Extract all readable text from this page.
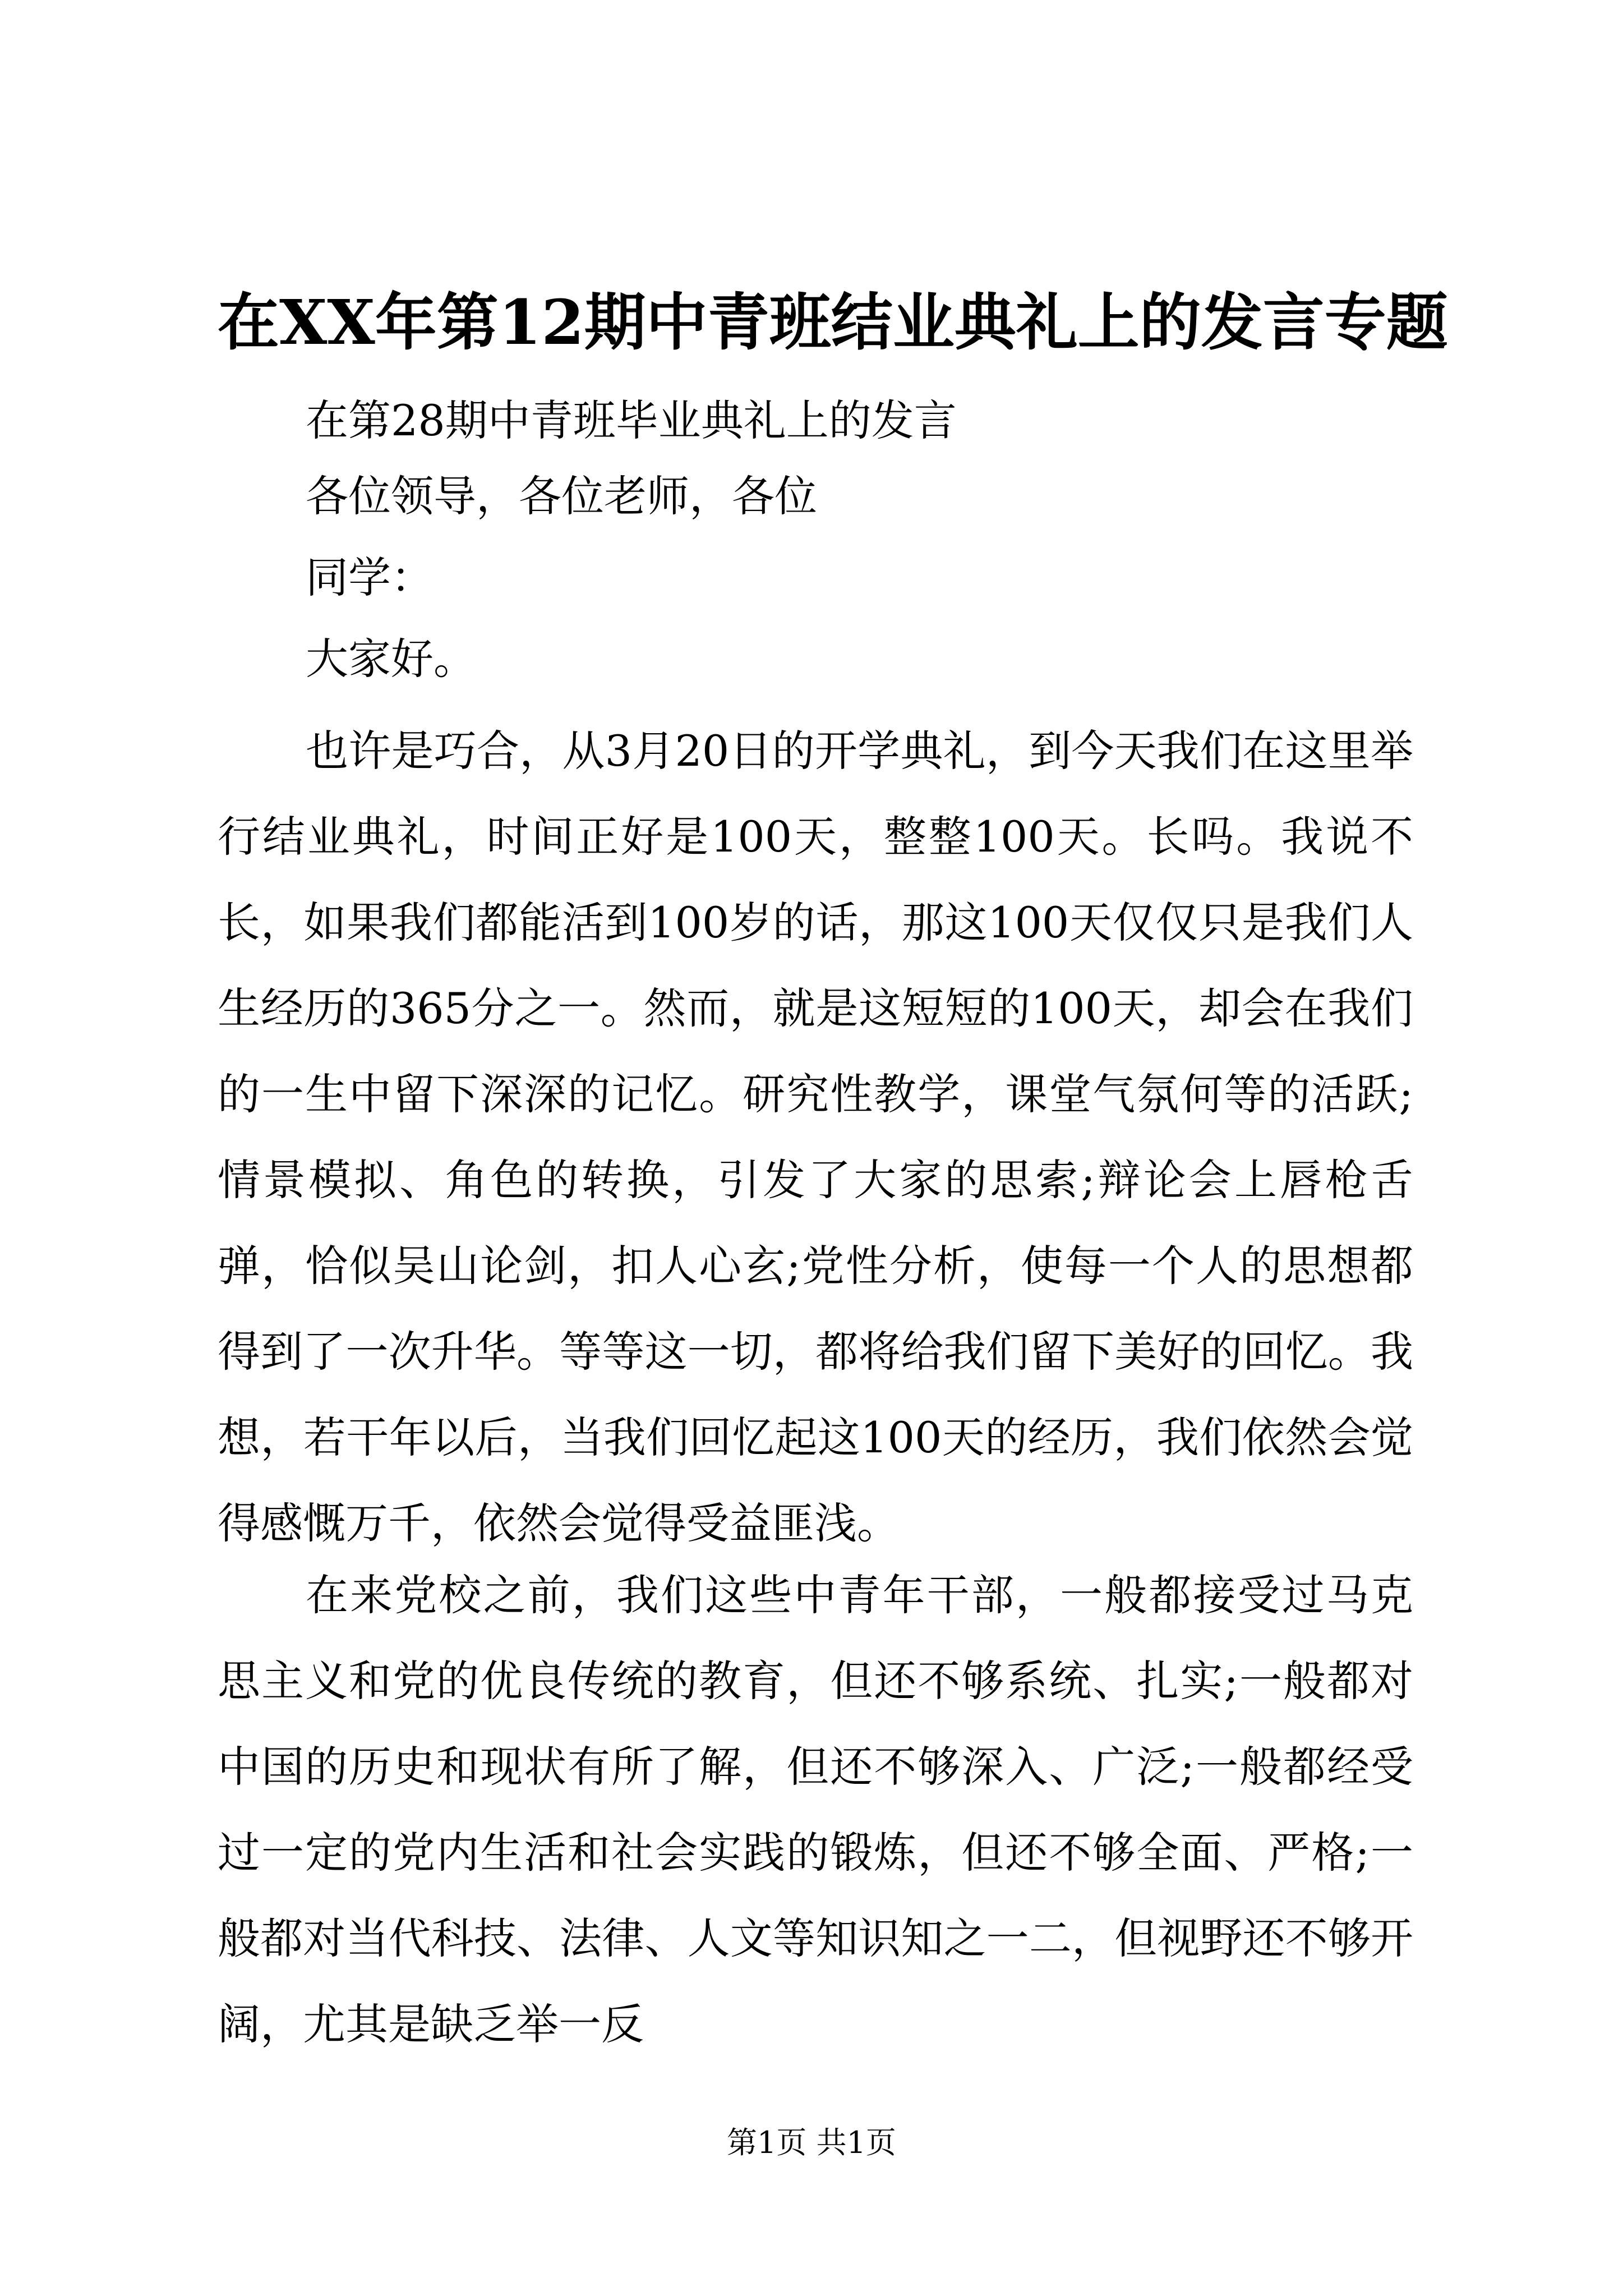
在XX年第12期中青班结业典礼上的发言专题

在第28期中青班毕业典礼上的发言

各位领导，各位老师，各位

同学：

大家好。

也许是巧合，从3月20日的开学典礼，到今天我们在这里举行结业典礼，时间正好是100天，整整100天。长吗。我说不长，如果我们都能活到100岁的话，那这100天仅仅只是我们人生经历的365分之一。然而，就是这短短的100天，却会在我们的一生中留下深深的记忆。研究性教学，课堂气氛何等的活跃;情景模拟、角色的转换，引发了大家的思索;辩论会上唇枪舌弹，恰似吴山论剑，扣人心玄;党性分析，使每一个人的思想都得到了一次升华。等等这一切，都将给我们留下美好的回忆。我想，若干年以后，当我们回忆起这100天的经历，我们依然会觉得感慨万千，依然会觉得受益匪浅。

在来党校之前，我们这些中青年干部，一般都接受过马克思主义和党的优良传统的教育，但还不够系统、扎实;一般都对中国的历史和现状有所了解，但还不够深入、广泛;一般都经受过一定的党内生活和社会实践的锻炼，但还不够全面、严格;一般都对当代科技、法律、人文等知识知之一二，但视野还不够开阔，尤其是缺乏举一反

第1页 共1页
